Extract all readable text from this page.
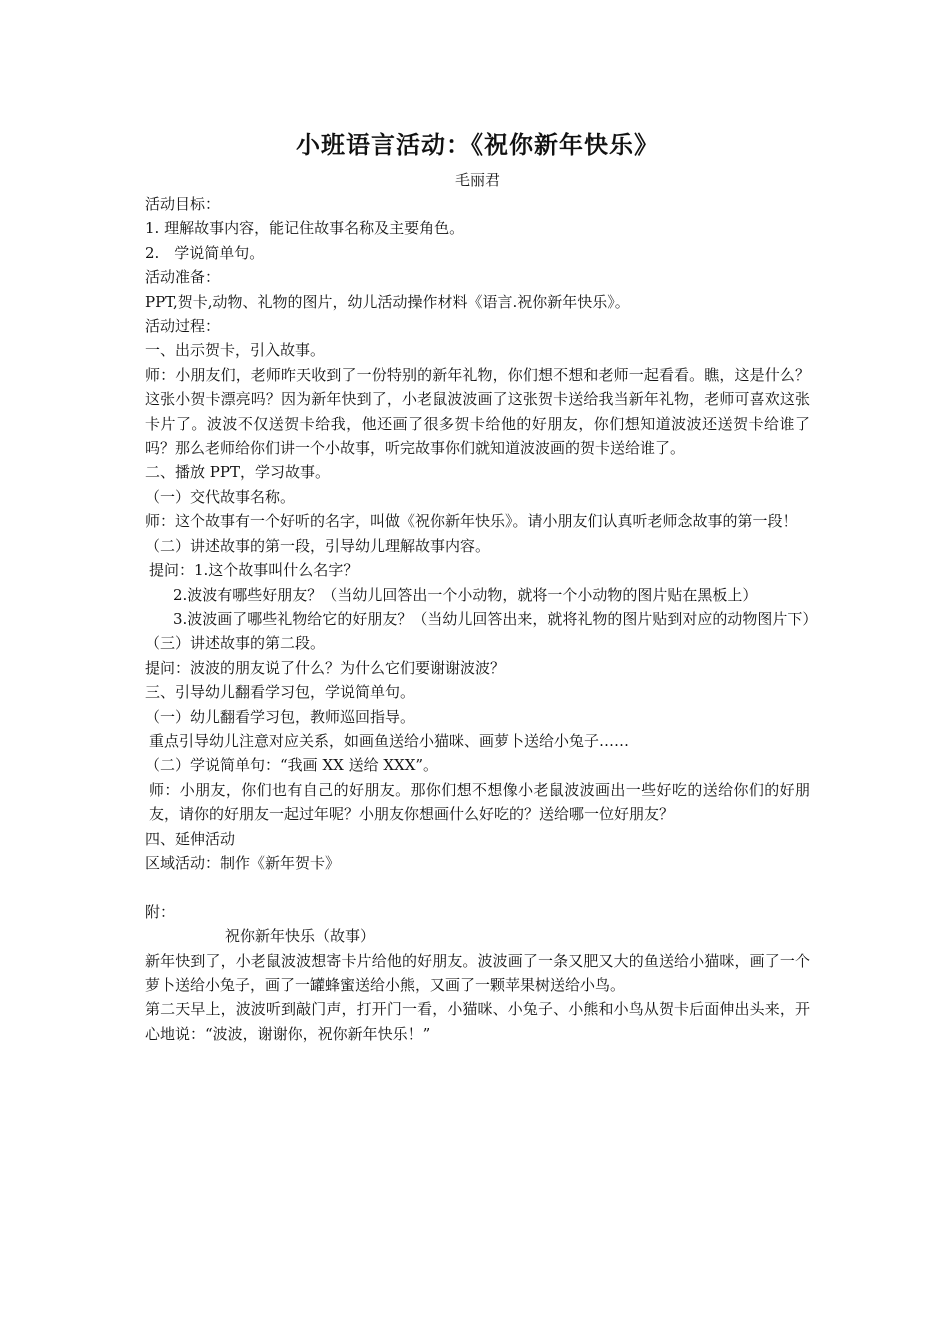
小班语言活动：《祝你新年快乐》

毛丽君

活动目标：

1. 理解故事内容，能记住故事名称及主要角色。

2.　学说简单句。

活动准备：

PPT,贺卡,动物、礼物的图片，幼儿活动操作材料《语言.祝你新年快乐》。

活动过程：

一、出示贺卡，引入故事。

师：小朋友们，老师昨天收到了一份特别的新年礼物，你们想不想和老师一起看看。瞧，这是什么？这张小贺卡漂亮吗？因为新年快到了，小老鼠波波画了这张贺卡送给我当新年礼物，老师可喜欢这张卡片了。波波不仅送贺卡给我，他还画了很多贺卡给他的好朋友，你们想知道波波还送贺卡给谁了吗？那么老师给你们讲一个小故事，听完故事你们就知道波波画的贺卡送给谁了。

二、播放 PPT，学习故事。

（一）交代故事名称。

师：这个故事有一个好听的名字，叫做《祝你新年快乐》。请小朋友们认真听老师念故事的第一段！

（二）讲述故事的第一段，引导幼儿理解故事内容。

提问：1.这个故事叫什么名字？

2.波波有哪些好朋友？（当幼儿回答出一个小动物，就将一个小动物的图片贴在黑板上）

3.波波画了哪些礼物给它的好朋友？（当幼儿回答出来，就将礼物的图片贴到对应的动物图片下）

（三）讲述故事的第二段。

提问：波波的朋友说了什么？为什么它们要谢谢波波？

三、引导幼儿翻看学习包，学说简单句。

（一）幼儿翻看学习包，教师巡回指导。

重点引导幼儿注意对应关系，如画鱼送给小猫咪、画萝卜送给小兔子……

（二）学说简单句：“我画 XX 送给 XXX”。

师：小朋友，你们也有自己的好朋友。那你们想不想像小老鼠波波画出一些好吃的送给你们的好朋友，请你的好朋友一起过年呢？小朋友你想画什么好吃的？送给哪一位好朋友？

四、延伸活动

区域活动：制作《新年贺卡》

附：

祝你新年快乐（故事）

新年快到了，小老鼠波波想寄卡片给他的好朋友。波波画了一条又肥又大的鱼送给小猫咪，画了一个萝卜送给小兔子，画了一罐蜂蜜送给小熊，又画了一颗苹果树送给小鸟。

第二天早上，波波听到敲门声，打开门一看，小猫咪、小兔子、小熊和小鸟从贺卡后面伸出头来，开心地说：“波波，谢谢你，祝你新年快乐！”
